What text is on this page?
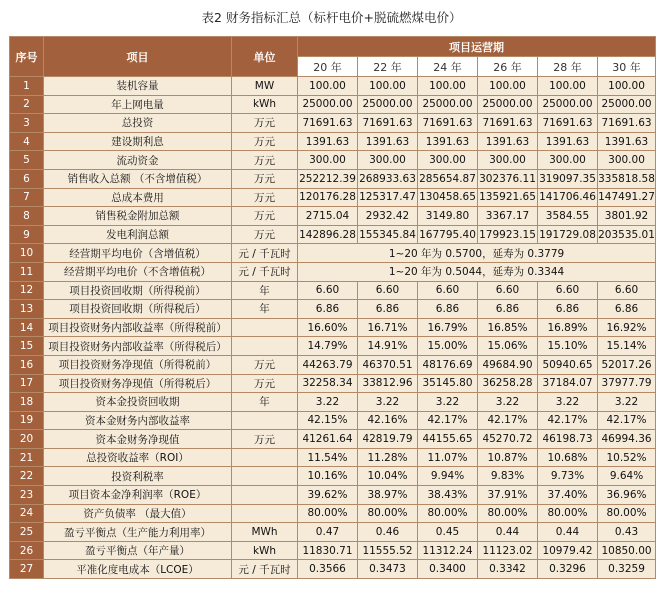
表2 财务指标汇总（标杆电价+脱硫燃煤电价）
序号	项目	单位	项目运营期					
			20 年	22 年	24 年	26 年	28 年	30 年
1	装机容量	MW	100.00	100.00	100.00	100.00	100.00	100.00
2	年上网电量	kWh	25000.00	25000.00	25000.00	25000.00	25000.00	25000.00
3	总投资	万元	71691.63	71691.63	71691.63	71691.63	71691.63	71691.63
4	建设期利息	万元	1391.63	1391.63	1391.63	1391.63	1391.63	1391.63
5	流动资金	万元	300.00	300.00	300.00	300.00	300.00	300.00
6	销售收入总额 （不含增值税）	万元	252212.39	268933.63	285654.87	302376.11	319097.35	335818.58
7	总成本费用	万元	120176.28	125317.47	130458.65	135921.65	141706.46	147491.27
8	销售税金附加总额	万元	2715.04	2932.42	3149.80	3367.17	3584.55	3801.92
9	发电利润总额	万元	142896.28	155345.84	167795.40	179923.15	191729.08	203535.01
10	经营期平均电价（含增值税）	元 / 千瓦时	1~20 年为 0.5700，延寿为 0.3779					
11	经营期平均电价（不含增值税）	元 / 千瓦时	1~20 年为 0.5044，延寿为 0.3344					
12	项目投资回收期（所得税前）	年	6.60	6.60	6.60	6.60	6.60	6.60
13	项目投资回收期（所得税后）	年	6.86	6.86	6.86	6.86	6.86	6.86
14	项目投资财务内部收益率（所得税前）		16.60%	16.71%	16.79%	16.85%	16.89%	16.92%
15	项目投资财务内部收益率（所得税后）		14.79%	14.91%	15.00%	15.06%	15.10%	15.14%
16	项目投资财务净现值（所得税前）	万元	44263.79	46370.51	48176.69	49684.90	50940.65	52017.26
17	项目投资财务净现值（所得税后）	万元	32258.34	33812.96	35145.80	36258.28	37184.07	37977.79
18	资本金投资回收期	年	3.22	3.22	3.22	3.22	3.22	3.22
19	资本金财务内部收益率		42.15%	42.16%	42.17%	42.17%	42.17%	42.17%
20	资本金财务净现值	万元	41261.64	42819.79	44155.65	45270.72	46198.73	46994.36
21	总投资收益率（ROI）		11.54%	11.28%	11.07%	10.87%	10.68%	10.52%
22	投资利税率		10.16%	10.04%	9.94%	9.83%	9.73%	9.64%
23	项目资本金净利润率（ROE）		39.62%	38.97%	38.43%	37.91%	37.40%	36.96%
24	资产负债率 （最大值）		80.00%	80.00%	80.00%	80.00%	80.00%	80.00%
25	盈亏平衡点（生产能力利用率）	MWh	0.47	0.46	0.45	0.44	0.44	0.43
26	盈亏平衡点（年产量）	kWh	11830.71	11555.52	11312.24	11123.02	10979.42	10850.00
27	平准化度电成本（LCOE）	元 / 千瓦时	0.3566	0.3473	0.3400	0.3342	0.3296	0.3259
